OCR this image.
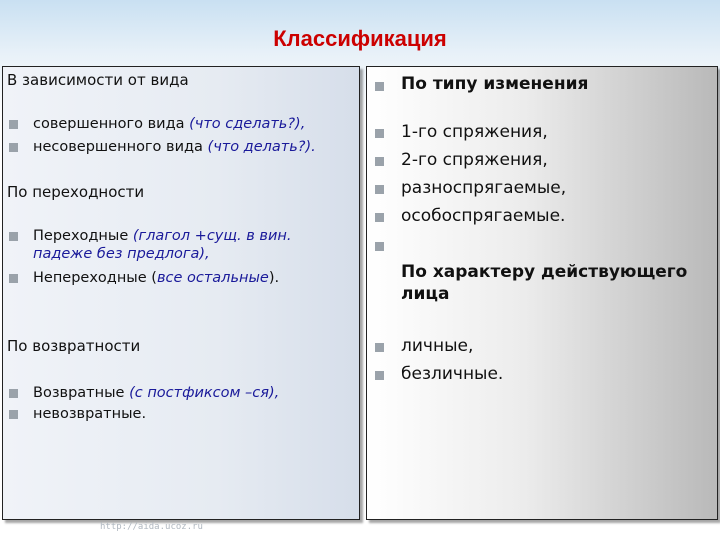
Классификация
В зависимости от вида
совершенного вида (что сделать?),
несовершенного вида (что делать?).
По переходности
Переходные (глагол +сущ. в вин. падеже без предлога),
Непереходные (все остальные).
По возвратности
Возвратные (с постфиксом –ся),
невозвратные.
По типу изменения
1-го спряжения,
2-го спряжения,
разноспрягаемые,
особоспрягаемые.
По характеру действующего лица
личные,
безличные.
http://aida.ucoz.ru
